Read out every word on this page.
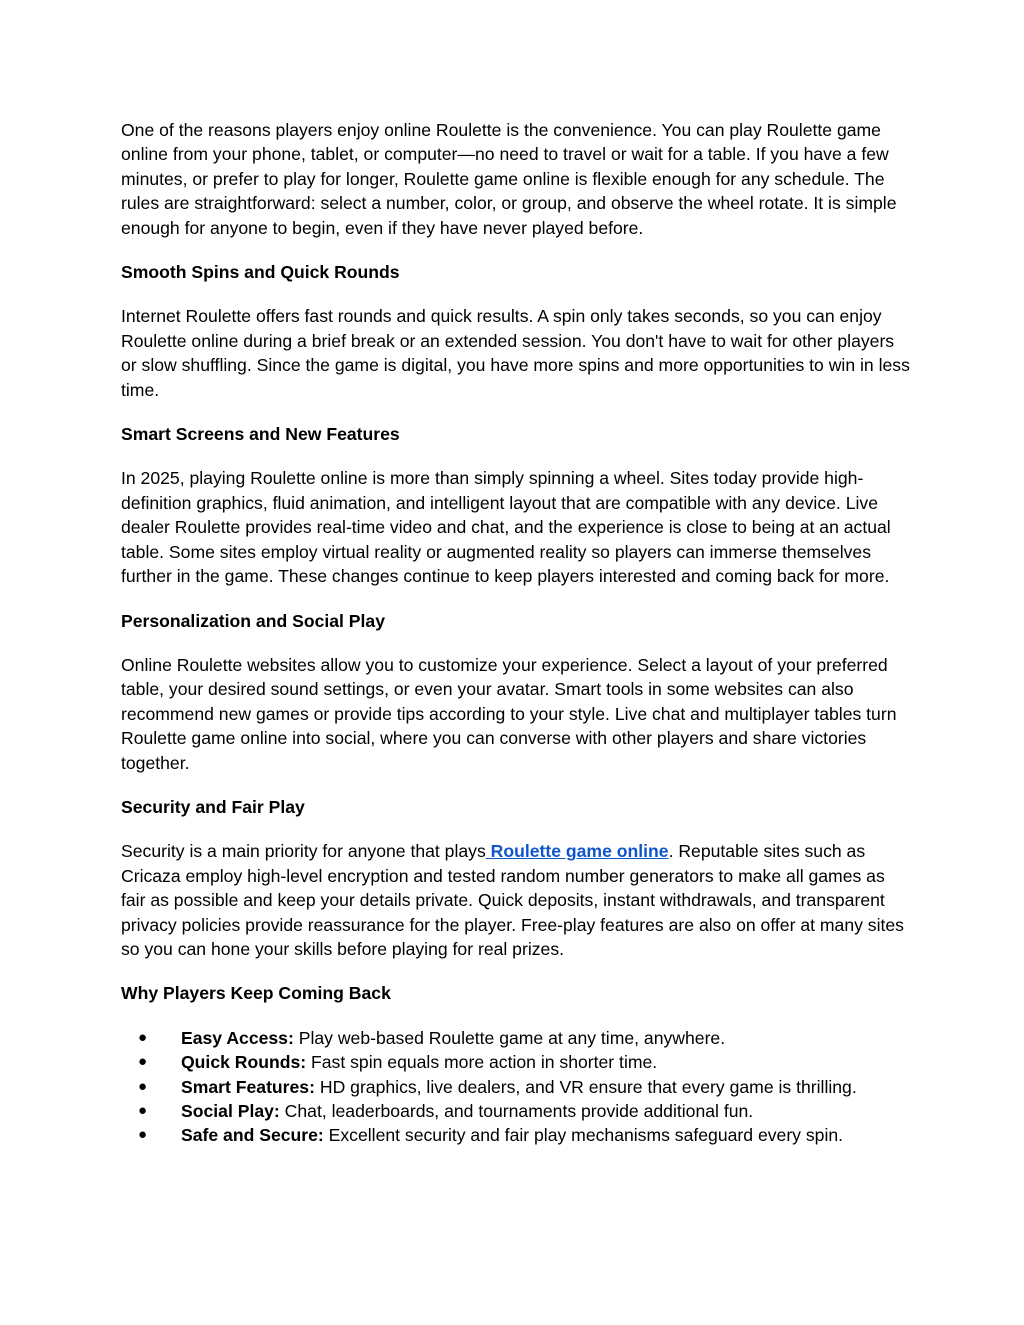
One of the reasons players enjoy online Roulette is the convenience. You can play Roulette game online from your phone, tablet, or computer—no need to travel or wait for a table. If you have a few minutes, or prefer to play for longer, Roulette game online is flexible enough for any schedule. The rules are straightforward: select a number, color, or group, and observe the wheel rotate. It is simple enough for anyone to begin, even if they have never played before.

Smooth Spins and Quick Rounds

Internet Roulette offers fast rounds and quick results. A spin only takes seconds, so you can enjoy Roulette online during a brief break or an extended session. You don't have to wait for other players or slow shuffling. Since the game is digital, you have more spins and more opportunities to win in less time.

Smart Screens and New Features

In 2025, playing Roulette online is more than simply spinning a wheel. Sites today provide high-definition graphics, fluid animation, and intelligent layout that are compatible with any device. Live dealer Roulette provides real-time video and chat, and the experience is close to being at an actual table. Some sites employ virtual reality or augmented reality so players can immerse themselves further in the game. These changes continue to keep players interested and coming back for more.

Personalization and Social Play

Online Roulette websites allow you to customize your experience. Select a layout of your preferred table, your desired sound settings, or even your avatar. Smart tools in some websites can also recommend new games or provide tips according to your style. Live chat and multiplayer tables turn Roulette game online into social, where you can converse with other players and share victories together.

Security and Fair Play

Security is a main priority for anyone that plays Roulette game online. Reputable sites such as Cricaza employ high-level encryption and tested random number generators to make all games as fair as possible and keep your details private. Quick deposits, instant withdrawals, and transparent privacy policies provide reassurance for the player. Free-play features are also on offer at many sites so you can hone your skills before playing for real prizes.

Why Players Keep Coming Back
● Easy Access: Play web-based Roulette game at any time, anywhere.
● Quick Rounds: Fast spin equals more action in shorter time.
● Smart Features: HD graphics, live dealers, and VR ensure that every game is thrilling.
● Social Play: Chat, leaderboards, and tournaments provide additional fun.
● Safe and Secure: Excellent security and fair play mechanisms safeguard every spin.
